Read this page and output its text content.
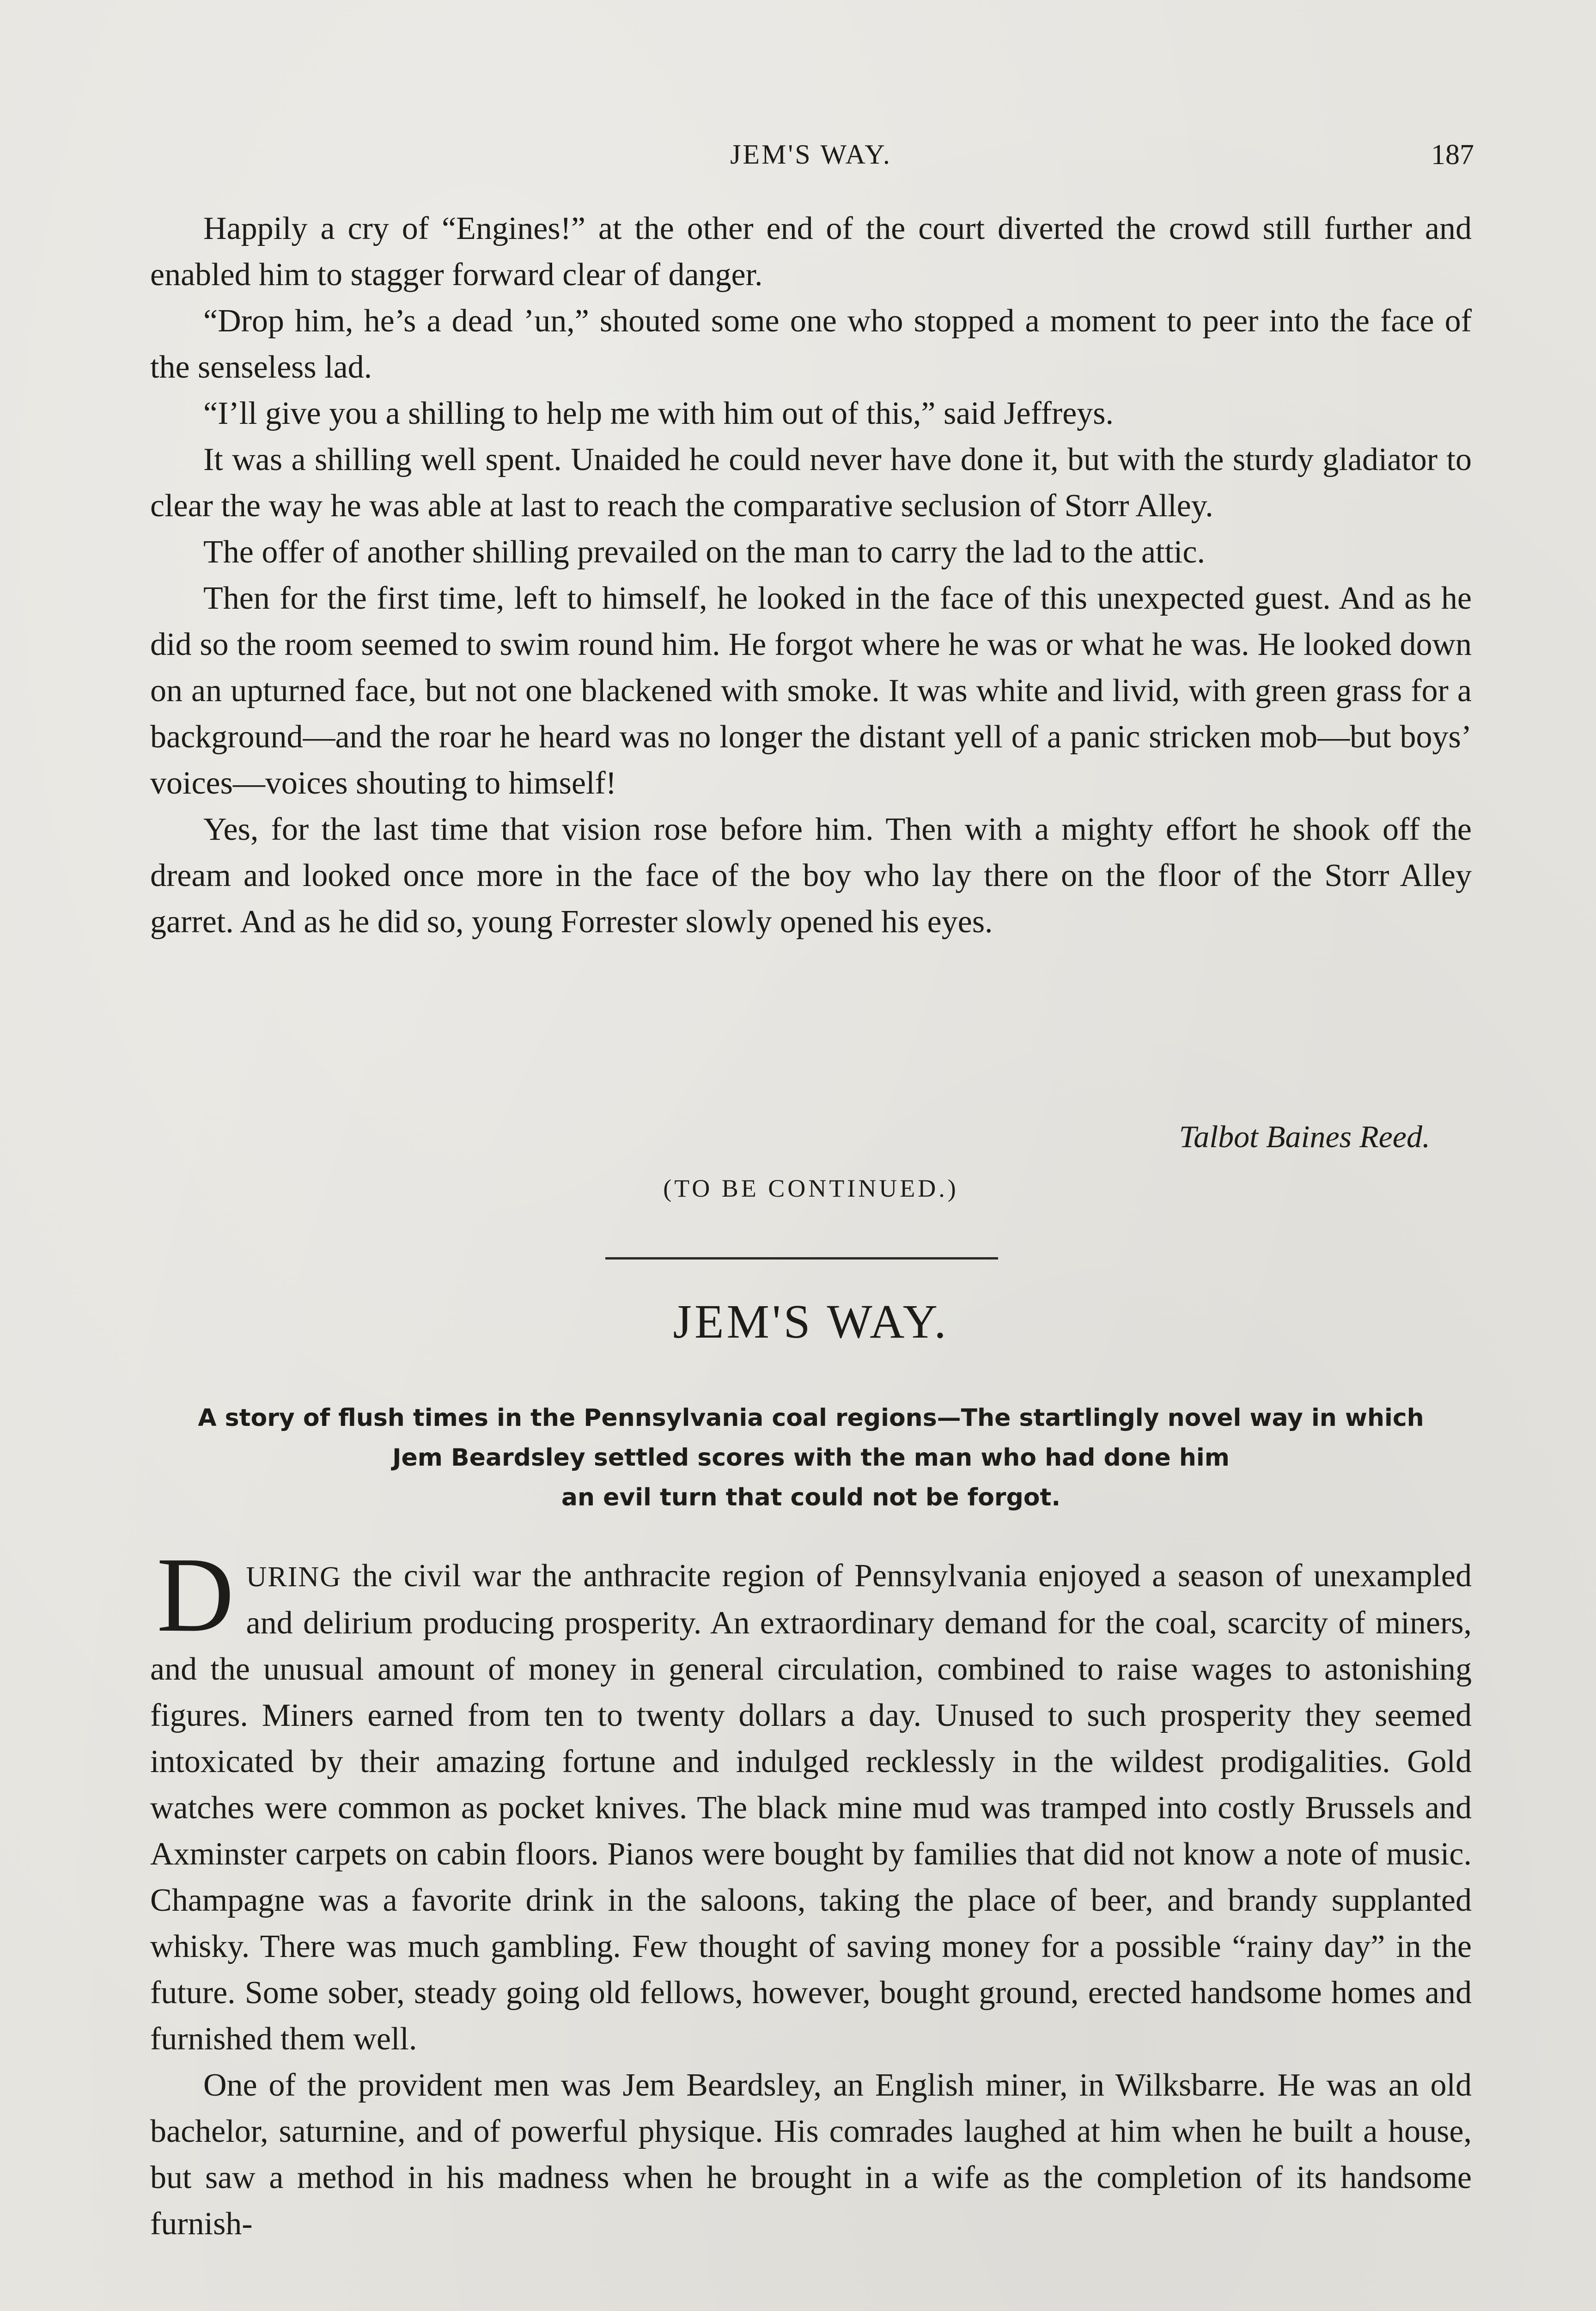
JEM'S WAY.	187

Happily a cry of “Engines!” at the other end of the court diverted the crowd still further and enabled him to stagger forward clear of danger.

“Drop him, he’s a dead ’un,” shouted some one who stopped a moment to peer into the face of the senseless lad.

“I’ll give you a shilling to help me with him out of this,” said Jeffreys.

It was a shilling well spent. Unaided he could never have done it, but with the sturdy gladiator to clear the way he was able at last to reach the comparative seclusion of Storr Alley.

The offer of another shilling prevailed on the man to carry the lad to the attic.

Then for the first time, left to himself, he looked in the face of this unexpected guest. And as he did so the room seemed to swim round him. He forgot where he was or what he was. He looked down on an upturned face, but not one blackened with smoke. It was white and livid, with green grass for a background—and the roar he heard was no longer the distant yell of a panic stricken mob—but boys’ voices—voices shouting to himself!

Yes, for the last time that vision rose before him. Then with a mighty effort he shook off the dream and looked once more in the face of the boy who lay there on the floor of the Storr Alley garret. And as he did so, young Forrester slowly opened his eyes.

Talbot Baines Reed.
(TO BE CONTINUED.)
JEM'S WAY.
A story of flush times in the Pennsylvania coal regions—The startlingly novel way in which
Jem Beardsley settled scores with the man who had done him
an evil turn that could not be forgot.

DURING the civil war the anthracite region of Pennsylvania enjoyed a season of unexampled and delirium producing prosperity. An extraordinary demand for the coal, scarcity of miners, and the unusual amount of money in general circulation, combined to raise wages to astonishing figures. Miners earned from ten to twenty dollars a day. Unused to such prosperity they seemed intoxicated by their amazing fortune and indulged recklessly in the wildest prodigalities. Gold watches were common as pocket knives. The black mine mud was tramped into costly Brussels and Axminster carpets on cabin floors. Pianos were bought by families that did not know a note of music. Champagne was a favorite drink in the saloons, taking the place of beer, and brandy supplanted whisky. There was much gambling. Few thought of saving money for a possible “rainy day” in the future. Some sober, steady going old fellows, however, bought ground, erected handsome homes and furnished them well.

One of the provident men was Jem Beardsley, an English miner, in Wilksbarre. He was an old bachelor, saturnine, and of powerful physique. His comrades laughed at him when he built a house, but saw a method in his madness when he brought in a wife as the completion of its handsome furnish-
